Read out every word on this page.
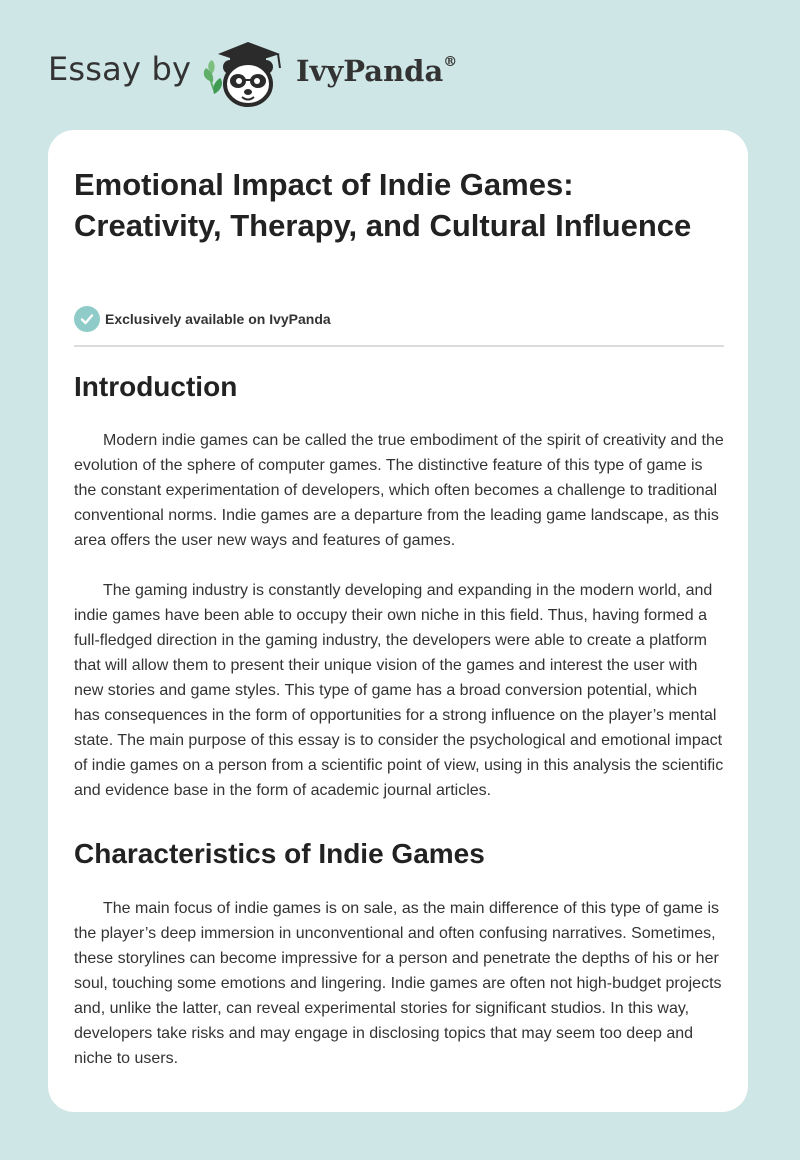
Essay by	IvyPanda®
Emotional Impact of Indie Games: Creativity, Therapy, and Cultural Influence
Exclusively available on IvyPanda
Introduction

Modern indie games can be called the true embodiment of the spirit of creativity and the evolution of the sphere of computer games. The distinctive feature of this type of game is the constant experimentation of developers, which often becomes a challenge to traditional conventional norms. Indie games are a departure from the leading game landscape, as this area offers the user new ways and features of games.

The gaming industry is constantly developing and expanding in the modern world, and indie games have been able to occupy their own niche in this field. Thus, having formed a full-fledged direction in the gaming industry, the developers were able to create a platform that will allow them to present their unique vision of the games and interest the user with new stories and game styles. This type of game has a broad conversion potential, which has consequences in the form of opportunities for a strong influence on the player’s mental state. The main purpose of this essay is to consider the psychological and emotional impact of indie games on a person from a scientific point of view, using in this analysis the scientific and evidence base in the form of academic journal articles.

Characteristics of Indie Games

The main focus of indie games is on sale, as the main difference of this type of game is the player’s deep immersion in unconventional and often confusing narratives. Sometimes, these storylines can become impressive for a person and penetrate the depths of his or her soul, touching some emotions and lingering. Indie games are often not high-budget projects and, unlike the latter, can reveal experimental stories for significant studios. In this way, developers take risks and may engage in disclosing topics that may seem too deep and niche to users.
